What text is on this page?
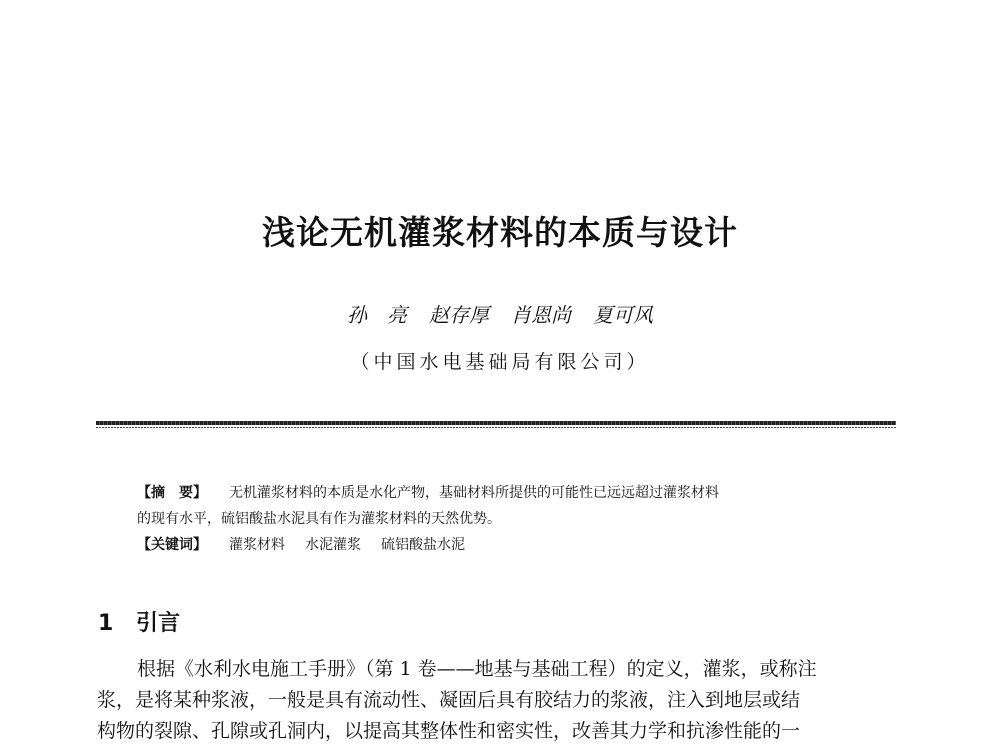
浅论无机灌浆材料的本质与设计
孙　亮 赵存厚 肖恩尚 夏可风
（中国水电基础局有限公司）
【摘　要】 无机灌浆材料的本质是水化产物，基础材料所提供的可能性已远远超过灌浆材料
的现有水平，硫铝酸盐水泥具有作为灌浆材料的天然优势。
【关键词】 灌浆材料 水泥灌浆 硫铝酸盐水泥
1 引言
根据《水利水电施工手册》（第 1 卷——地基与基础工程）的定义，灌浆，或称注
浆，是将某种浆液，一般是具有流动性、凝固后具有胶结力的浆液，注入到地层或结
构物的裂隙、孔隙或孔洞内，以提高其整体性和密实性，改善其力学和抗渗性能的一
